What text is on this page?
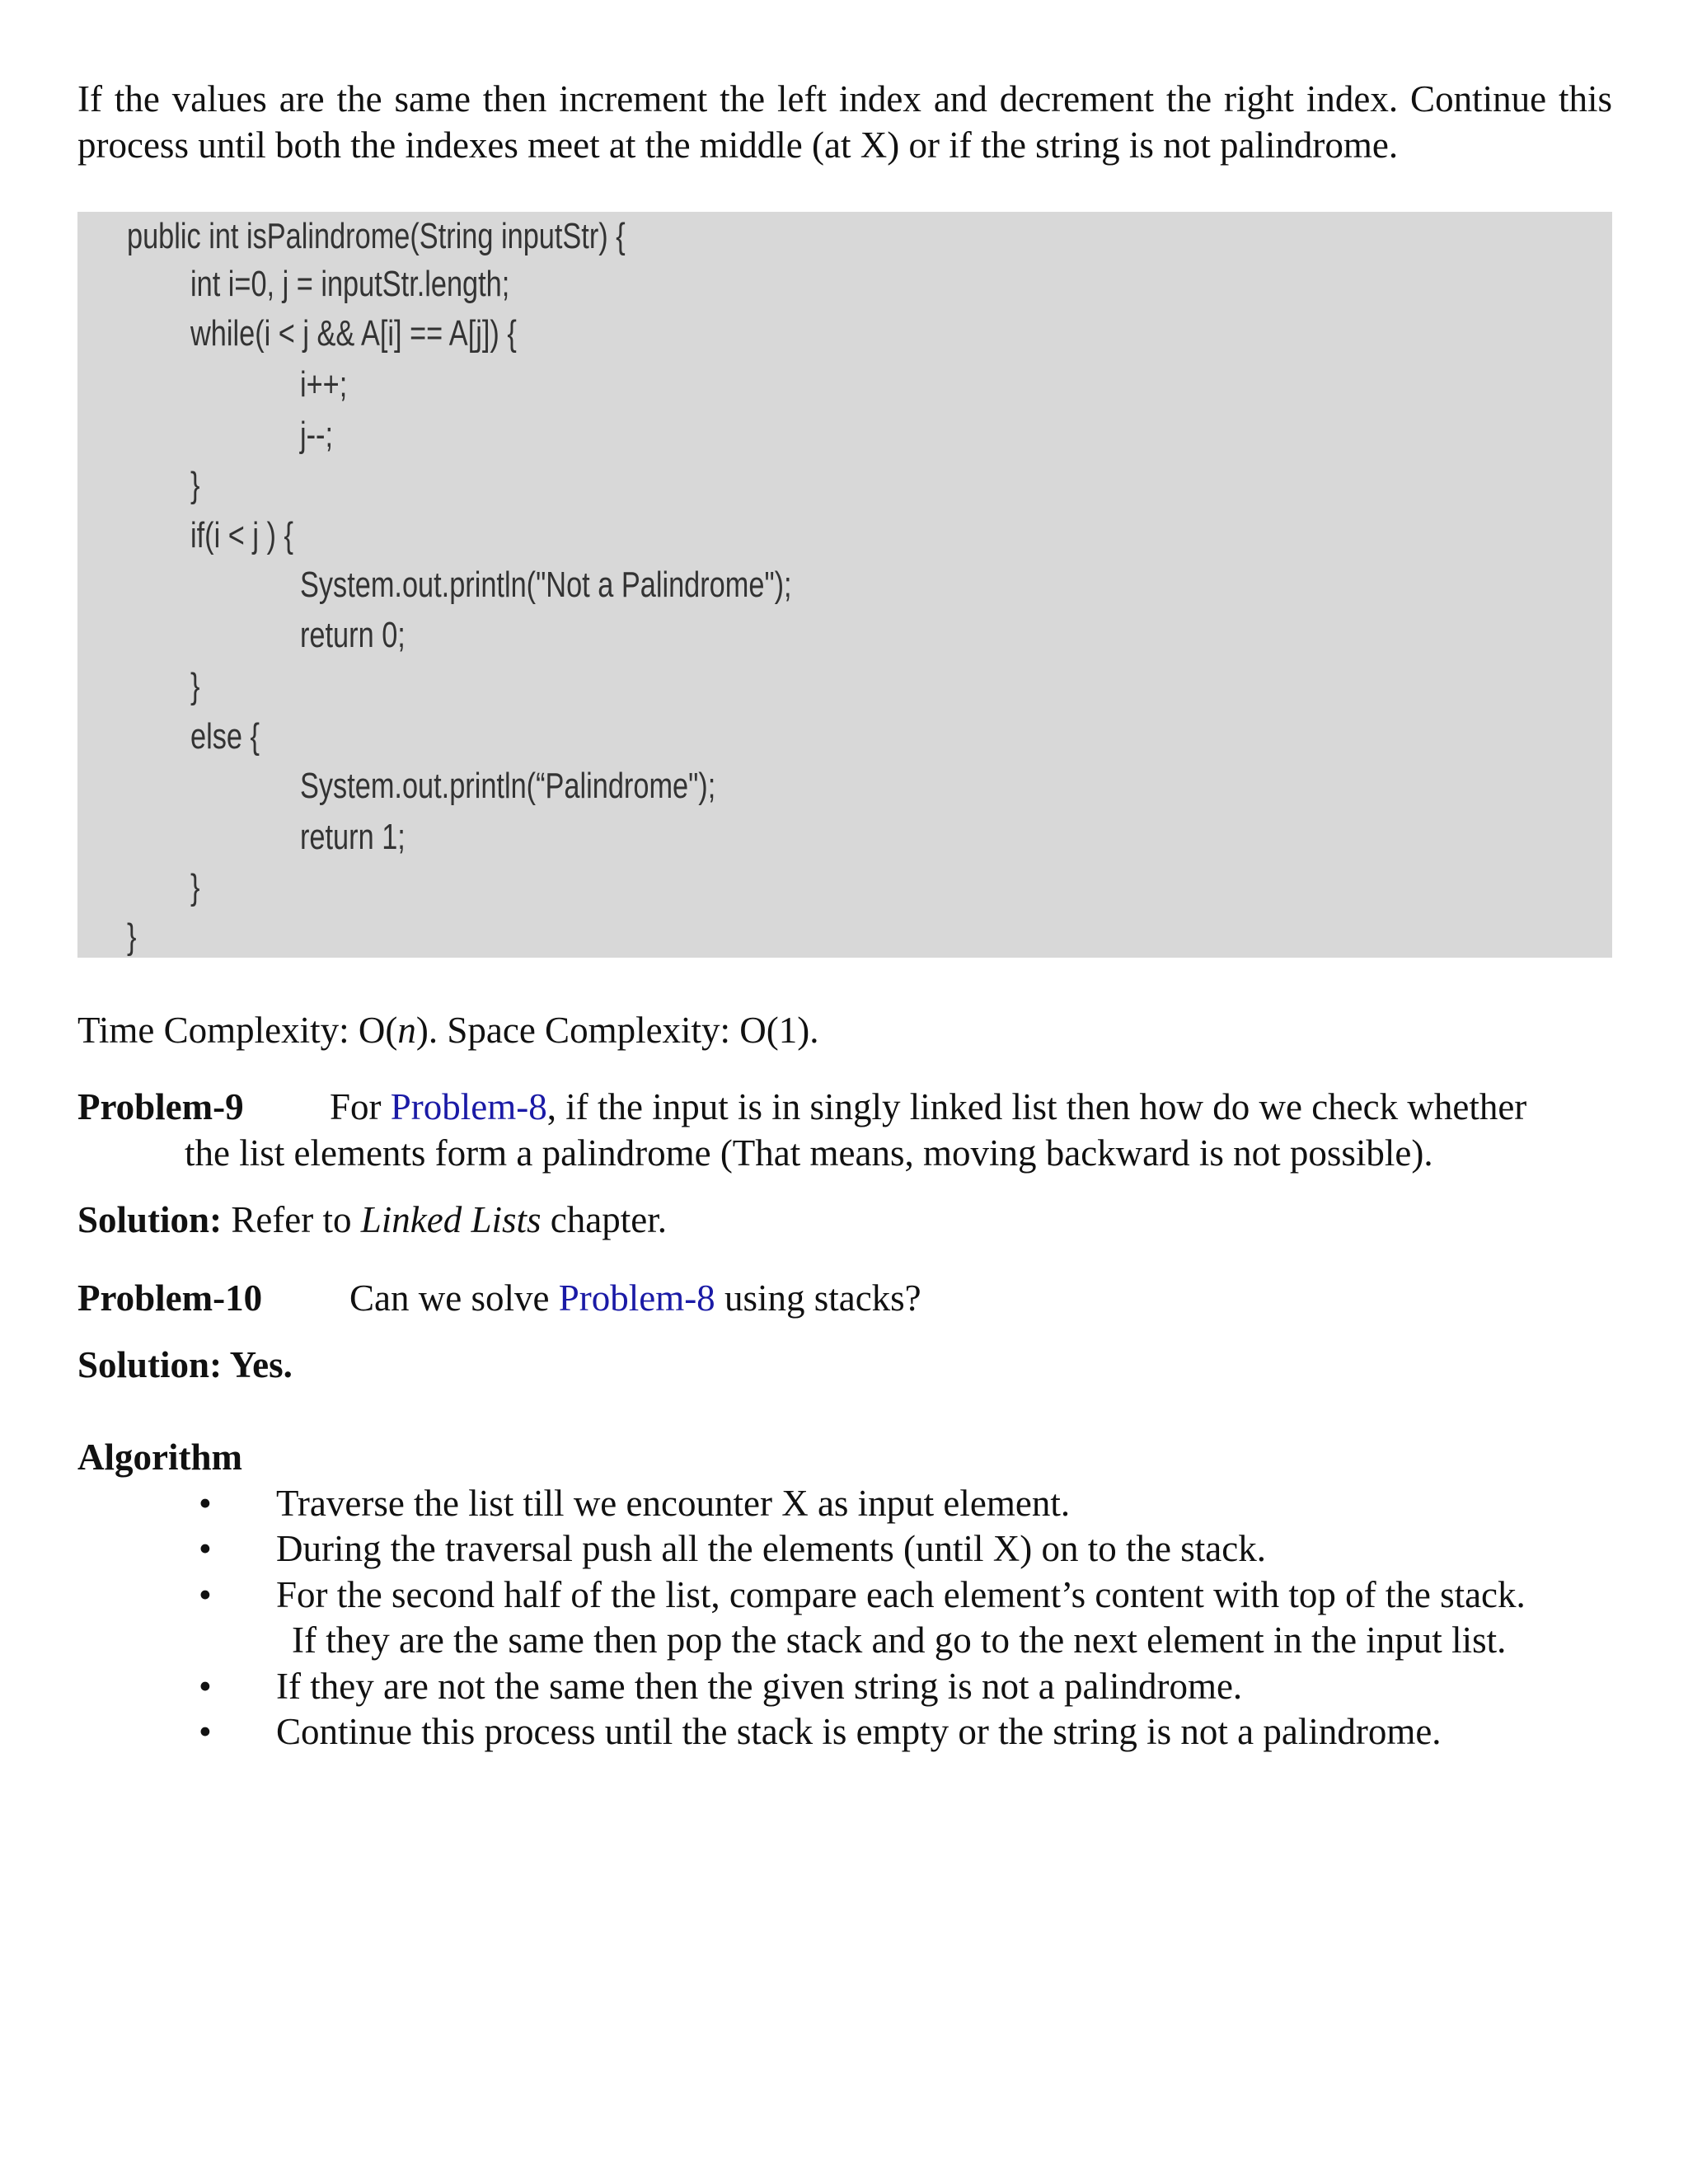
If the values are the same then increment the left index and decrement the right index. Continue this process until both the indexes meet at the middle (at X) or if the string is not palindrome.
public int isPalindrome(String inputStr) {
int i=0, j = inputStr.length;
while(i < j && A[i] == A[j]) {
i++;
j--;
}
if(i < j ) {
System.out.println("Not a Palindrome");
return 0;
}
else {
System.out.println(“Palindrome");
return 1;
}
}
Time Complexity: O(n). Space Complexity: O(1).
Problem-9 For Problem-8, if the input is in singly linked list then how do we check whether
the list elements form a palindrome (That means, moving backward is not possible).
Solution: Refer to Linked Lists chapter.
Problem-10 Can we solve Problem-8 using stacks?
Solution: Yes.
Algorithm
• Traverse the list till we encounter X as input element.
• During the traversal push all the elements (until X) on to the stack.
• For the second half of the list, compare each element’s content with top of the stack.
If they are the same then pop the stack and go to the next element in the input list.
• If they are not the same then the given string is not a palindrome.
• Continue this process until the stack is empty or the string is not a palindrome.
